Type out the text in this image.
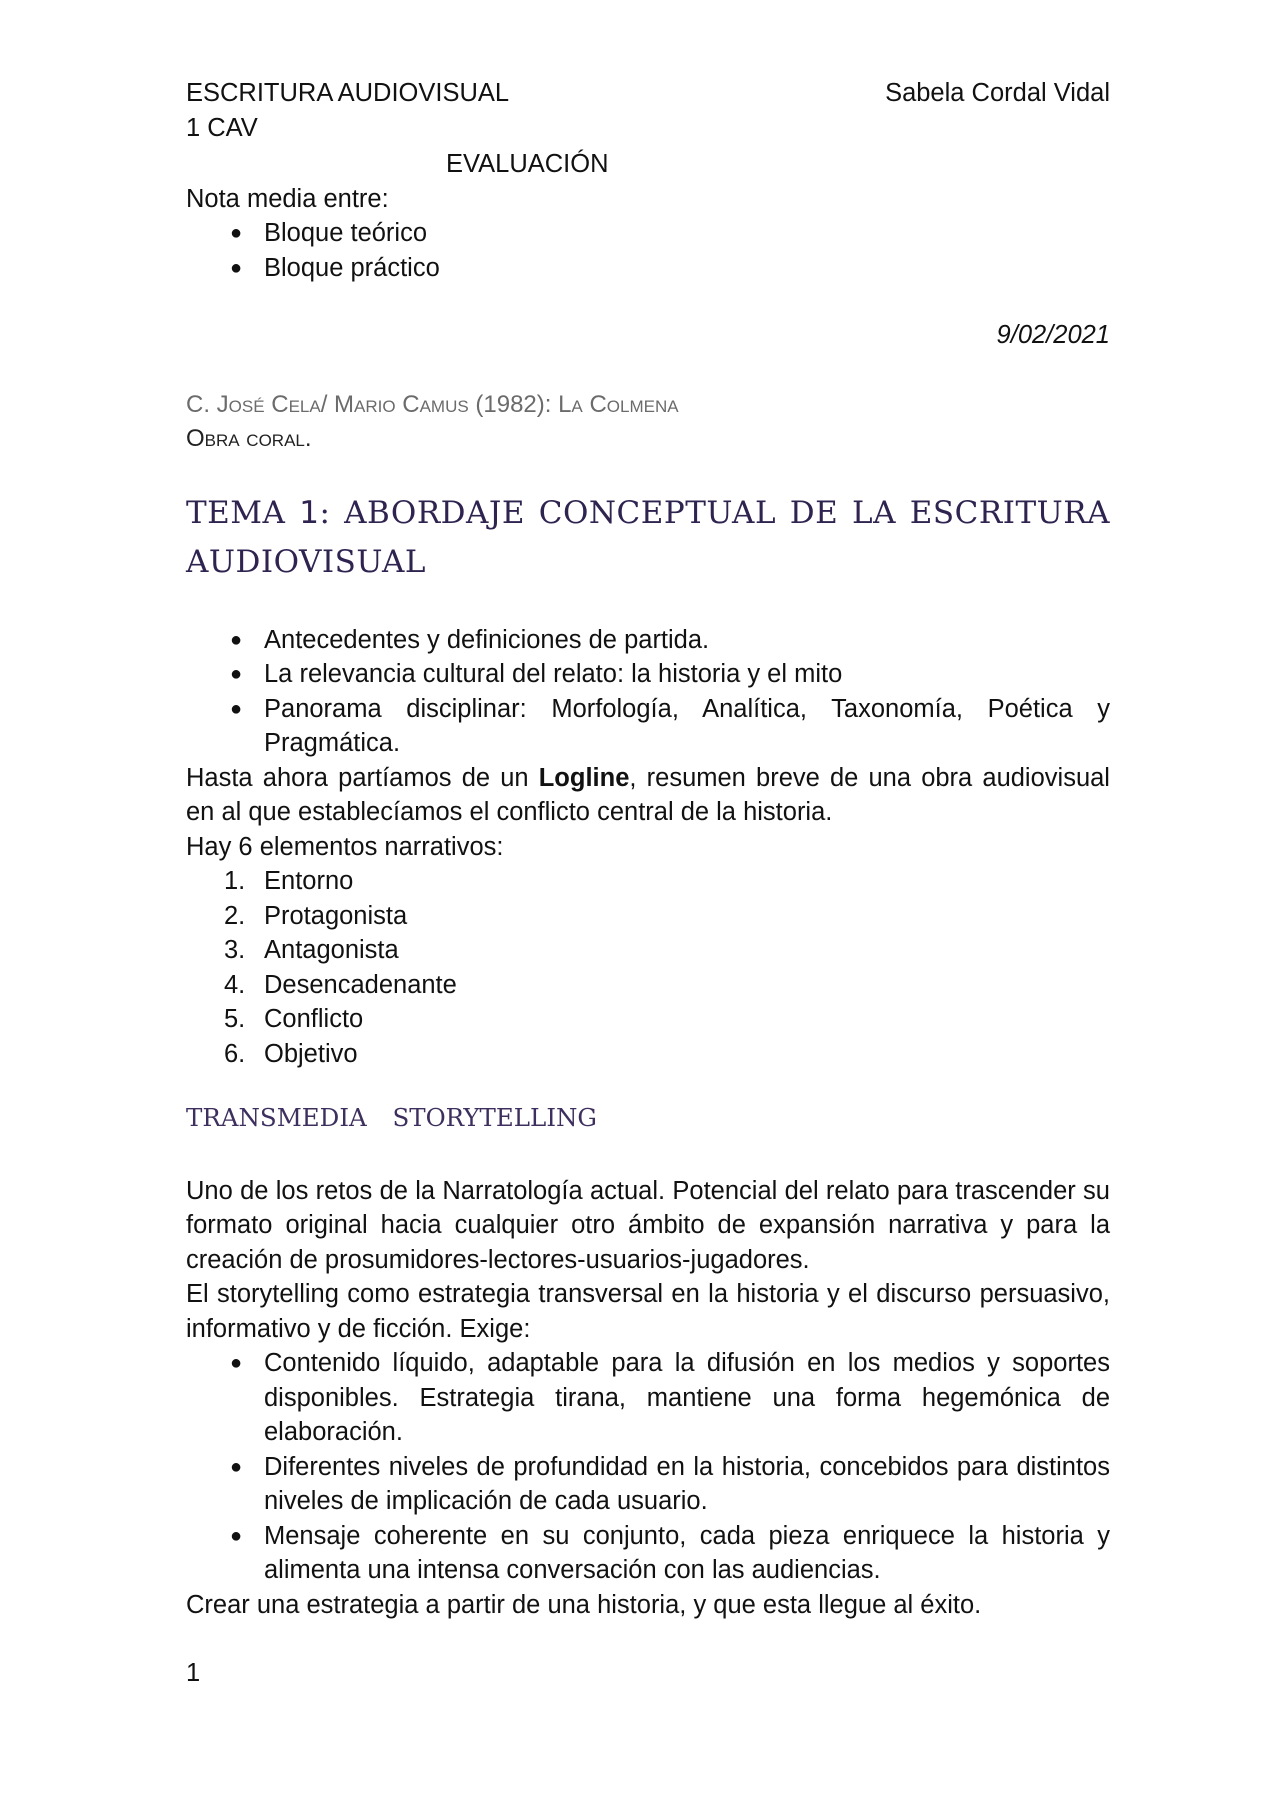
ESCRITURA AUDIOVISUAL	Sabela Cordal Vidal

1 CAV

EVALUACIÓN

Nota media entre:

● Bloque teórico
● Bloque práctico

9/02/2021

C. José Cela/ Mario Camus (1982): La Colmena

Obra coral.

TEMA 1: ABORDAJE CONCEPTUAL DE LA ESCRITURA AUDIOVISUAL
● Antecedentes y definiciones de partida.
● La relevancia cultural del relato: la historia y el mito
● Panorama disciplinar: Morfología, Analítica, Taxonomía, Poética y Pragmática.

Hasta ahora partíamos de un Logline, resumen breve de una obra audiovisual en al que establecíamos el conflicto central de la historia.

Hay 6 elementos narrativos:

1. Entorno
2. Protagonista
3. Antagonista
4. Desencadenante
5. Conflicto
6. Objetivo
TRANSMEDIA STORYTELLING

Uno de los retos de la Narratología actual. Potencial del relato para trascender su formato original hacia cualquier otro ámbito de expansión narrativa y para la creación de prosumidores-lectores-usuarios-jugadores.

El storytelling como estrategia transversal en la historia y el discurso persuasivo, informativo y de ficción. Exige:

● Contenido líquido, adaptable para la difusión en los medios y soportes disponibles. Estrategia tirana, mantiene una forma hegemónica de elaboración.
● Diferentes niveles de profundidad en la historia, concebidos para distintos niveles de implicación de cada usuario.
● Mensaje coherente en su conjunto, cada pieza enriquece la historia y alimenta una intensa conversación con las audiencias.

Crear una estrategia a partir de una historia, y que esta llegue al éxito.

1
